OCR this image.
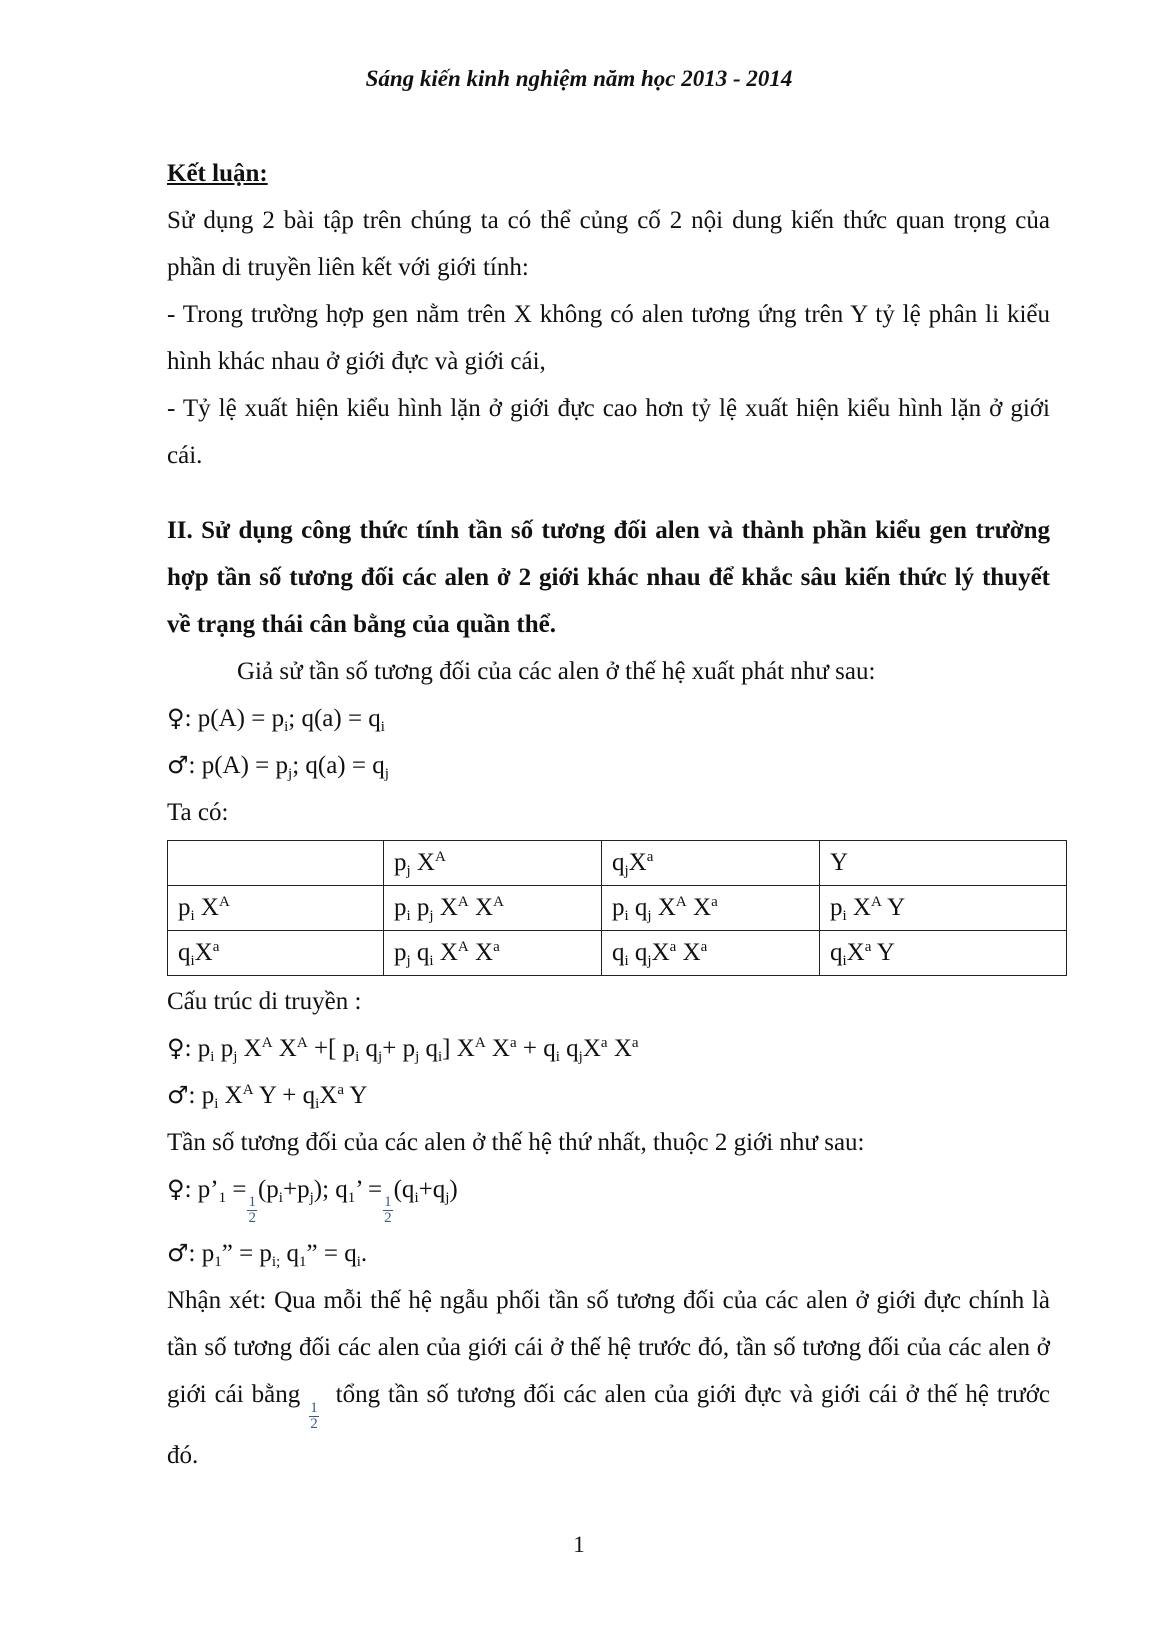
Sáng kiến kinh nghiệm năm học 2013 - 2014

Kết luận:

Sử dụng 2 bài tập trên chúng ta có thể củng cố 2 nội dung kiến thức quan trọng của phần di truyền liên kết với giới tính:

- Trong trường hợp gen nằm trên X không có alen tương ứng trên Y tỷ lệ phân li kiểu hình khác nhau ở giới đực và giới cái,

- Tỷ lệ xuất hiện kiểu hình lặn ở giới đực cao hơn tỷ lệ xuất hiện kiểu hình lặn ở giới cái.

II. Sử dụng công thức tính tần số tương đối alen và thành phần kiểu gen trường hợp tần số tương đối các alen ở 2 giới khác nhau để khắc sâu kiến thức lý thuyết về trạng thái cân bằng của quần thể.

Giả sử tần số tương đối của các alen ở thế hệ xuất phát như sau:

♀: $p(A) = p_i$; $q(a) = q_i$

♂: $p(A) = p_j$; $q(a) = q_j$

Ta có:

	$p_j$ $X^A$	$q_jX^a$	Y
$p_i$ $X^A$	$p_i$ $p_j$ $X^A$ $X^A$	$p_i$ $q_j$ $X^A$ $X^a$	$p_i$ $X^A$ Y
$q_iX^a$	$p_j$ $q_i$ $X^A$ $X^a$	$q_i$ $q_jX^a$ $X^a$	$q_iX^a$ Y

Cấu trúc di truyền :

♀: $p_i$ $p_j$ $X^A$ $X^A$ +[ $p_i$ $q_j+ p_j$ $q_i$] $X^A$ $X^a + q_i$ $q_jX^a$ $X^a$

♂: $p_i$ $X^A$ $Y + q_iX^a$ Y

Tần số tương đối của các alen ở thế hệ thứ nhất, thuộc 2 giới như sau:

♀: $p’_1$ =
$\frac{1}{2}$
$(p_i+p_j)$; $q_1$’ =
$\frac{1}{2}$
$(q_i+q_j)$

♂: $p_1$” = $p_{i;}$ $q_1$” = $q_i$.

Nhận xét: Qua mỗi thế hệ ngẫu phối tần số tương đối của các alen ở giới đực chính là tần số tương đối các alen của giới cái ở thế hệ trước đó, tần số tương đối của các alen ở giới cái bằng
$\frac{1}{2}$
tổng tần số tương đối các alen của giới đực và giới cái ở thế hệ trước đó.

1
